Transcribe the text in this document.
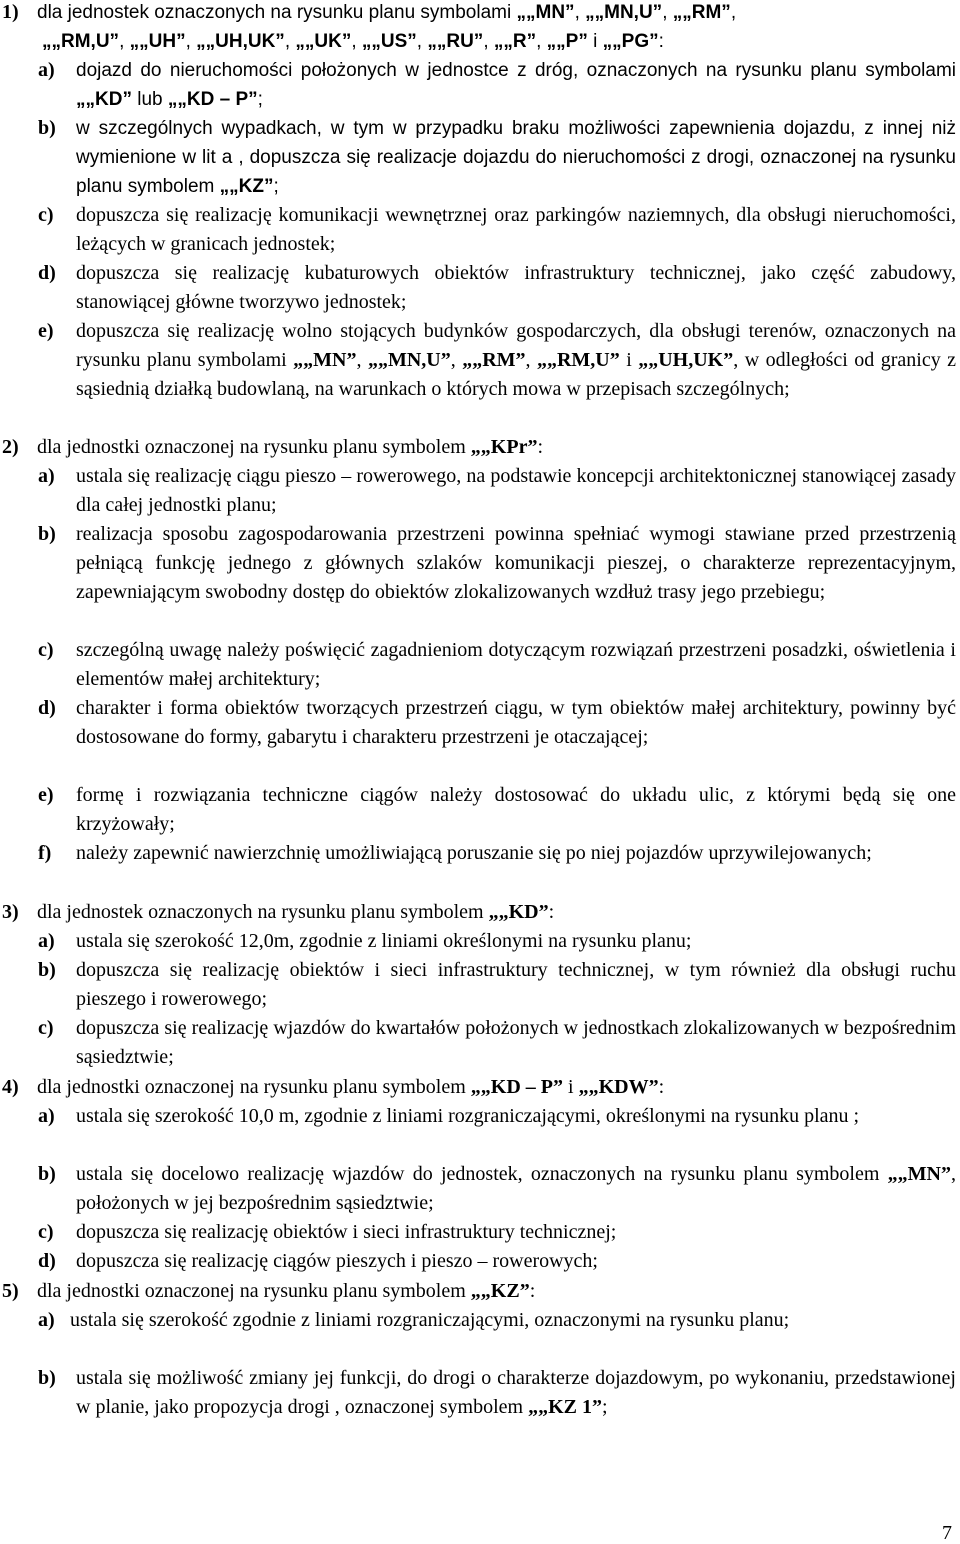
1) dla jednostek oznaczonych na rysunku planu symbolami „„MN”, „„MN,U”, „„RM”,
„„RM,U”, „„UH”, „„UH,UK”, „„UK”, „„US”, „„RU”, „„R”, „„P” i „„PG”:
a) dojazd do nieruchomości położonych w jednostce z dróg, oznaczonych na rysunku planu symbolami „„KD” lub „„KD – P”;
b) w szczególnych wypadkach, w tym w przypadku braku możliwości zapewnienia dojazdu, z innej niż wymienione w lit a , dopuszcza się realizacje dojazdu do nieruchomości z drogi, oznaczonej na rysunku planu symbolem „„KZ”;
c) dopuszcza się realizację komunikacji wewnętrznej oraz parkingów naziemnych, dla obsługi nieruchomości, leżących w granicach jednostek;
d) dopuszcza się realizację kubaturowych obiektów infrastruktury technicznej, jako część zabudowy, stanowiącej główne tworzywo jednostek;
e) dopuszcza się realizację wolno stojących budynków gospodarczych, dla obsługi terenów, oznaczonych na rysunku planu symbolami „„MN”, „„MN,U”, „„RM”, „„RM,U” i „„UH,UK”, w odległości od granicy z sąsiednią działką budowlaną, na warunkach o których mowa w przepisach szczególnych;
2) dla jednostki oznaczonej na rysunku planu symbolem „„KPr”:
a) ustala się realizację ciągu pieszo – rowerowego, na podstawie koncepcji architektonicznej stanowiącej zasady dla całej jednostki planu;
b) realizacja sposobu zagospodarowania przestrzeni powinna spełniać wymogi stawiane przed przestrzenią pełniącą funkcję jednego z głównych szlaków komunikacji pieszej, o charakterze reprezentacyjnym, zapewniającym swobodny dostęp do obiektów zlokalizowanych wzdłuż trasy jego przebiegu;
c) szczególną uwagę należy poświęcić zagadnieniom dotyczącym rozwiązań przestrzeni posadzki, oświetlenia i elementów małej architektury;
d) charakter i forma obiektów tworzących przestrzeń ciągu, w tym obiektów małej architektury, powinny być dostosowane do formy, gabarytu i charakteru przestrzeni je otaczającej;
e) formę i rozwiązania techniczne ciągów należy dostosować do układu ulic, z którymi będą się one krzyżowały;
f) należy zapewnić nawierzchnię umożliwiającą poruszanie się po niej pojazdów uprzywilejowanych;
3) dla jednostek oznaczonych na rysunku planu symbolem „„KD”:
a) ustala się szerokość 12,0m, zgodnie z liniami określonymi na rysunku planu;
b) dopuszcza się realizację obiektów i sieci infrastruktury technicznej, w tym również dla obsługi ruchu pieszego i rowerowego;
c) dopuszcza się realizację wjazdów do kwartałów położonych w jednostkach zlokalizowanych w bezpośrednim sąsiedztwie;
4) dla jednostki oznaczonej na rysunku planu symbolem „„KD – P” i „„KDW”:
a) ustala się szerokość 10,0 m, zgodnie z liniami rozgraniczającymi, określonymi na rysunku planu ;
b) ustala się docelowo realizację wjazdów do jednostek, oznaczonych na rysunku planu symbolem „„MN”, położonych w jej bezpośrednim sąsiedztwie;
c) dopuszcza się realizację obiektów i sieci infrastruktury technicznej;
d) dopuszcza się realizację ciągów pieszych i pieszo – rowerowych;
5) dla jednostki oznaczonej na rysunku planu symbolem „„KZ”:
a) ustala się szerokość zgodnie z liniami rozgraniczającymi, oznaczonymi na rysunku planu;
b) ustala się możliwość zmiany jej funkcji, do drogi o charakterze dojazdowym, po wykonaniu, przedstawionej w planie, jako propozycja drogi , oznaczonej symbolem „„KZ 1”;
7
